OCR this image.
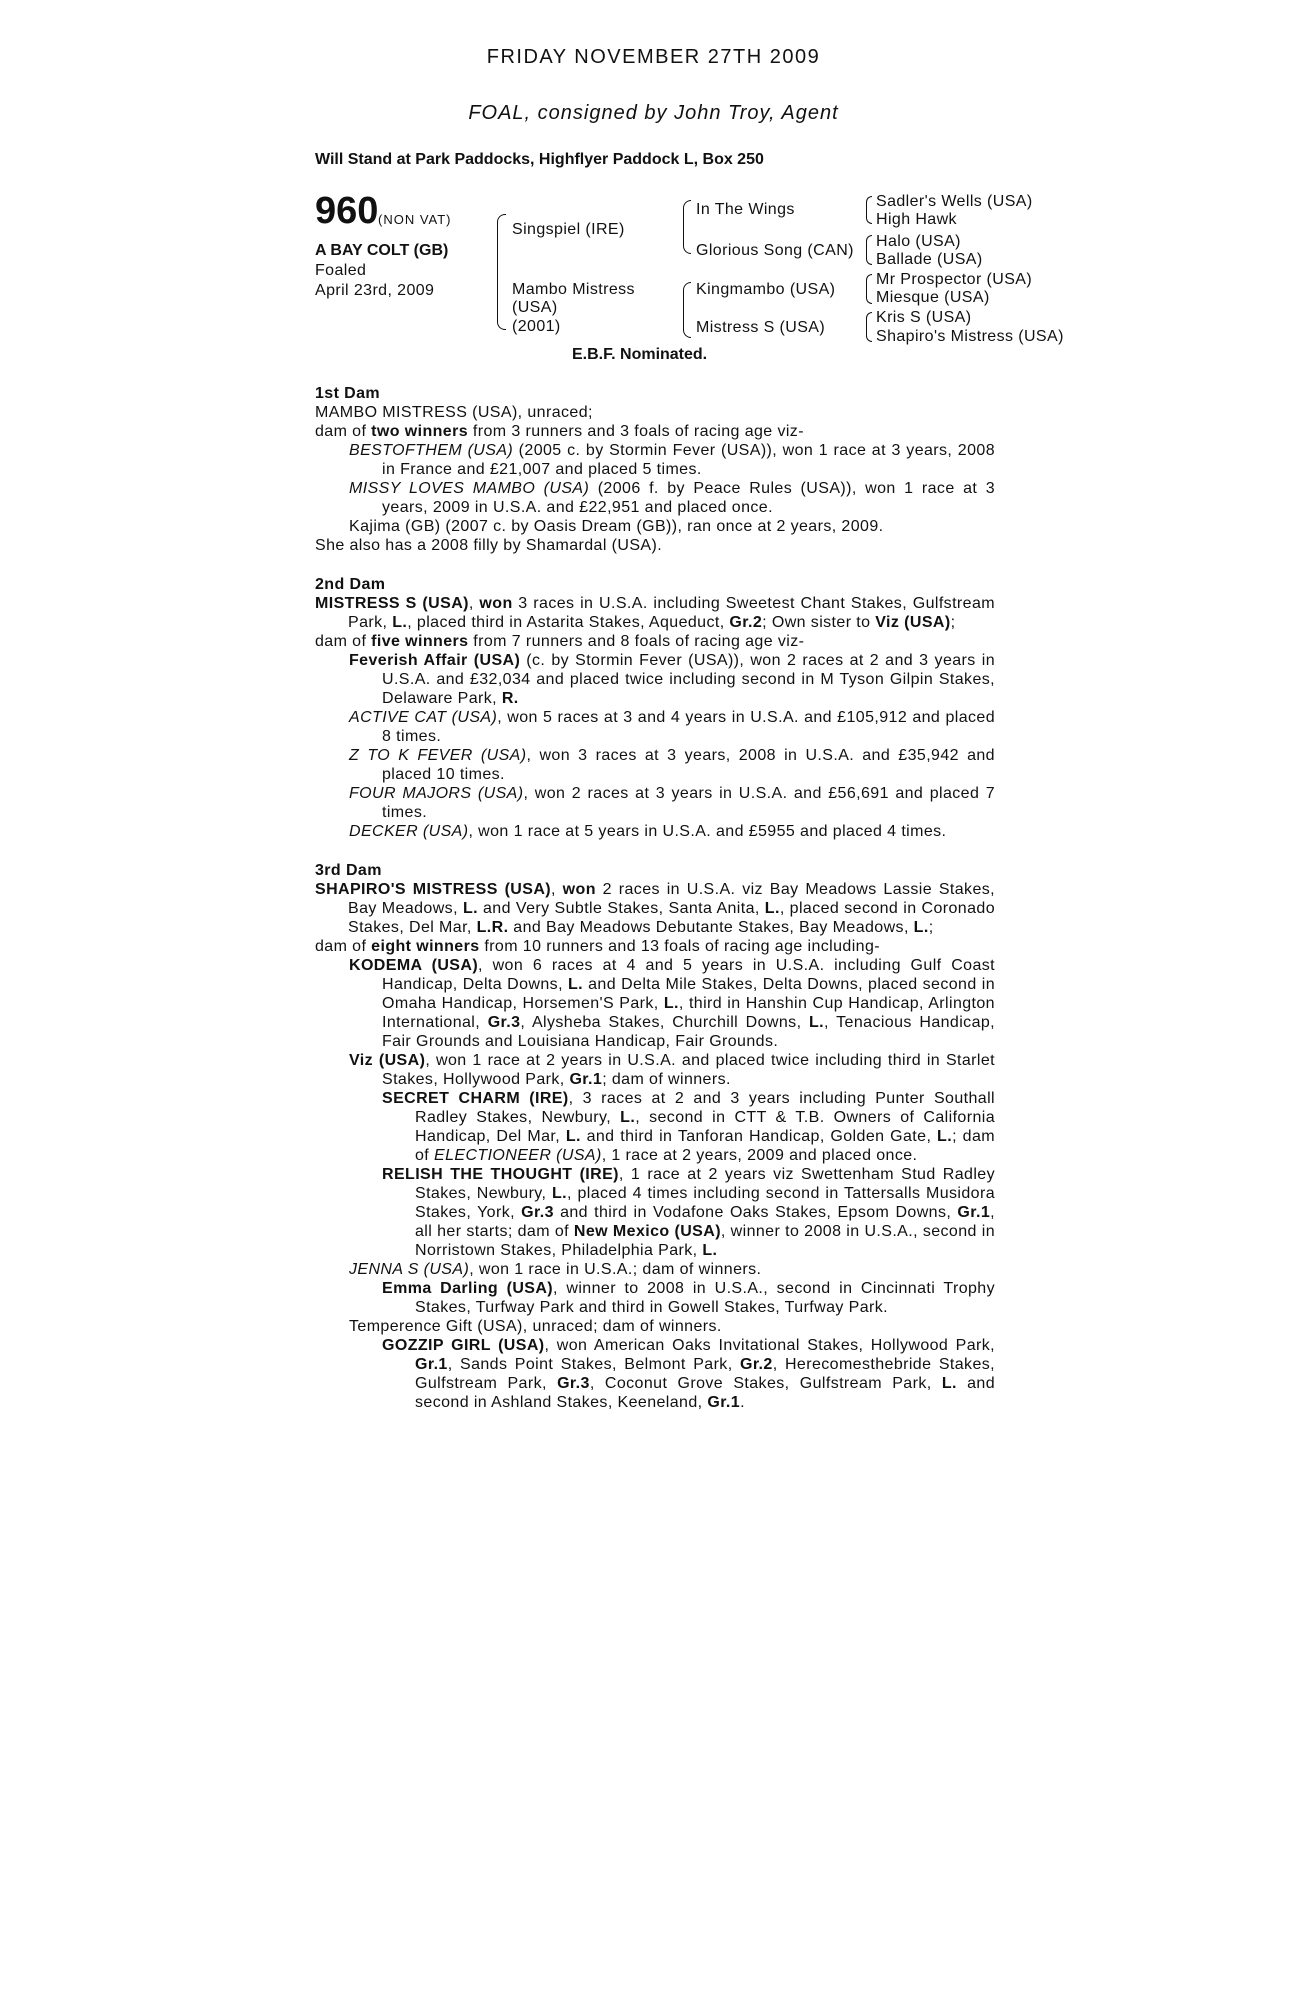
FRIDAY NOVEMBER 27TH 2009
FOAL, consigned by John Troy, Agent
Will Stand at Park Paddocks, Highflyer Paddock L, Box 250
960 (NON VAT)
A BAY COLT (GB)
Foaled
April 23rd, 2009
Singspiel (IRE)
Mambo Mistress
(USA)
(2001)
In The Wings
Glorious Song (CAN)
Kingmambo (USA)
Mistress S (USA)
Sadler's Wells (USA)
High Hawk
Halo (USA)
Ballade (USA)
Mr Prospector (USA)
Miesque (USA)
Kris S (USA)
Shapiro's Mistress (USA)
E.B.F. Nominated.

1st Dam

MAMBO MISTRESS (USA), unraced;

dam of two winners from 3 runners and 3 foals of racing age viz-

BESTOFTHEM (USA) (2005 c. by Stormin Fever (USA)), won 1 race at 3 years, 2008 in France and £21,007 and placed 5 times.

MISSY LOVES MAMBO (USA) (2006 f. by Peace Rules (USA)), won 1 race at 3 years, 2009 in U.S.A. and £22,951 and placed once.

Kajima (GB) (2007 c. by Oasis Dream (GB)), ran once at 2 years, 2009.

She also has a 2008 filly by Shamardal (USA).

2nd Dam

MISTRESS S (USA), won 3 races in U.S.A. including Sweetest Chant Stakes, Gulfstream Park, L., placed third in Astarita Stakes, Aqueduct, Gr.2; Own sister to Viz (USA);

dam of five winners from 7 runners and 8 foals of racing age viz-

Feverish Affair (USA) (c. by Stormin Fever (USA)), won 2 races at 2 and 3 years in U.S.A. and £32,034 and placed twice including second in M Tyson Gilpin Stakes, Delaware Park, R.

ACTIVE CAT (USA), won 5 races at 3 and 4 years in U.S.A. and £105,912 and placed 8 times.

Z TO K FEVER (USA), won 3 races at 3 years, 2008 in U.S.A. and £35,942 and placed 10 times.

FOUR MAJORS (USA), won 2 races at 3 years in U.S.A. and £56,691 and placed 7 times.

DECKER (USA), won 1 race at 5 years in U.S.A. and £5955 and placed 4 times.

3rd Dam

SHAPIRO'S MISTRESS (USA), won 2 races in U.S.A. viz Bay Meadows Lassie Stakes, Bay Meadows, L. and Very Subtle Stakes, Santa Anita, L., placed second in Coronado Stakes, Del Mar, L.R. and Bay Meadows Debutante Stakes, Bay Meadows, L.;

dam of eight winners from 10 runners and 13 foals of racing age including-

KODEMA (USA), won 6 races at 4 and 5 years in U.S.A. including Gulf Coast Handicap, Delta Downs, L. and Delta Mile Stakes, Delta Downs, placed second in Omaha Handicap, Horsemen'S Park, L., third in Hanshin Cup Handicap, Arlington International, Gr.3, Alysheba Stakes, Churchill Downs, L., Tenacious Handicap, Fair Grounds and Louisiana Handicap, Fair Grounds.

Viz (USA), won 1 race at 2 years in U.S.A. and placed twice including third in Starlet Stakes, Hollywood Park, Gr.1; dam of winners.

SECRET CHARM (IRE), 3 races at 2 and 3 years including Punter Southall Radley Stakes, Newbury, L., second in CTT & T.B. Owners of California Handicap, Del Mar, L. and third in Tanforan Handicap, Golden Gate, L.; dam of ELECTIONEER (USA), 1 race at 2 years, 2009 and placed once.

RELISH THE THOUGHT (IRE), 1 race at 2 years viz Swettenham Stud Radley Stakes, Newbury, L., placed 4 times including second in Tattersalls Musidora Stakes, York, Gr.3 and third in Vodafone Oaks Stakes, Epsom Downs, Gr.1, all her starts; dam of New Mexico (USA), winner to 2008 in U.S.A., second in Norristown Stakes, Philadelphia Park, L.

JENNA S (USA), won 1 race in U.S.A.; dam of winners.

Emma Darling (USA), winner to 2008 in U.S.A., second in Cincinnati Trophy Stakes, Turfway Park and third in Gowell Stakes, Turfway Park.

Temperence Gift (USA), unraced; dam of winners.

GOZZIP GIRL (USA), won American Oaks Invitational Stakes, Hollywood Park, Gr.1, Sands Point Stakes, Belmont Park, Gr.2, Herecomesthebride Stakes, Gulfstream Park, Gr.3, Coconut Grove Stakes, Gulfstream Park, L. and second in Ashland Stakes, Keeneland, Gr.1.
